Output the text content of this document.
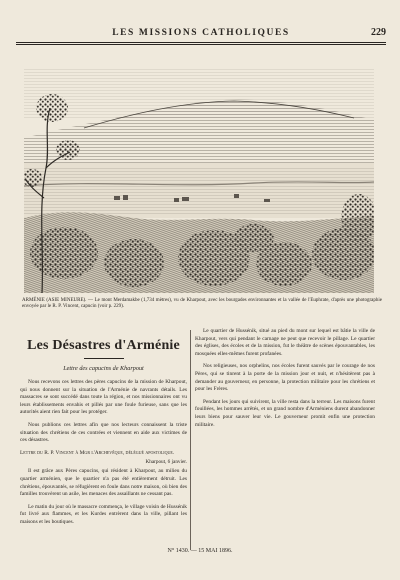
LES MISSIONS CATHOLIQUES	229
ARMÉNIE (ASIE MINEURE). — Le mont Merdamakbe (1,734 mètres), vu de Kharpout, avec les bourgades environnantes et la vallée de l'Euphrate, d'après une photographie envoyée par le R. P. Vincent, capucin (voir p. 229).
Les Désastres d'Arménie
Lettre des capucins de Kharpout

Nous recevons ces lettres des pères capucins de la mission de Kharpout, qui nous donnent sur la situation de l'Arménie de navrants détails. Les massacres se sont succédé dans toute la région, et nos missionnaires ont vu leurs établissements envahis et pillés par une foule furieuse, sans que les autorités aient rien fait pour les protéger.

Nous publions ces lettres afin que nos lecteurs connaissent la triste situation des chrétiens de ces contrées et viennent en aide aux victimes de ces désastres.

Lettre du R. P. Vincent à Mgr l'Archevêque, délégué apostolique.
Kharpout, 6 janvier.

Il est grâce aux Pères capucins, qui résident à Kharpout, au milieu du quartier arménien, que le quartier n'a pas été entièrement détruit. Les chrétiens, épouvantés, se réfugièrent en foule dans notre maison, où bien des familles trouvèrent un asile, les menaces des assaillants ne cessant pas.

Le matin du jour où le massacre commença, le village voisin de Hussénik fut livré aux flammes, et les Kurdes entrèrent dans la ville, pillant les maisons et les boutiques.

Le quartier de Hussénik, situé au pied du mont sur lequel est bâtie la ville de Kharpout, vers qui pendant le carnage ne peut que recevoir le pillage. Le quartier des églises, des écoles et de la mission, fut le théâtre de scènes épouvantables, les mosquées elles-mêmes furent profanées.

Nos religieuses, nos orphelins, nos écoles furent sauvés par le courage de nos Pères, qui se tinrent à la porte de la mission jour et nuit, et n'hésitèrent pas à demander au gouverneur, en personne, la protection militaire pour les chrétiens et pour les Frères.

Pendant les jours qui suivirent, la ville resta dans la terreur. Les maisons furent fouillées, les hommes arrêtés, et un grand nombre d'Arméniens durent abandonner leurs biens pour sauver leur vie. Le gouverneur promit enfin une protection militaire.

N° 1430. — 15 MAI 1896.
